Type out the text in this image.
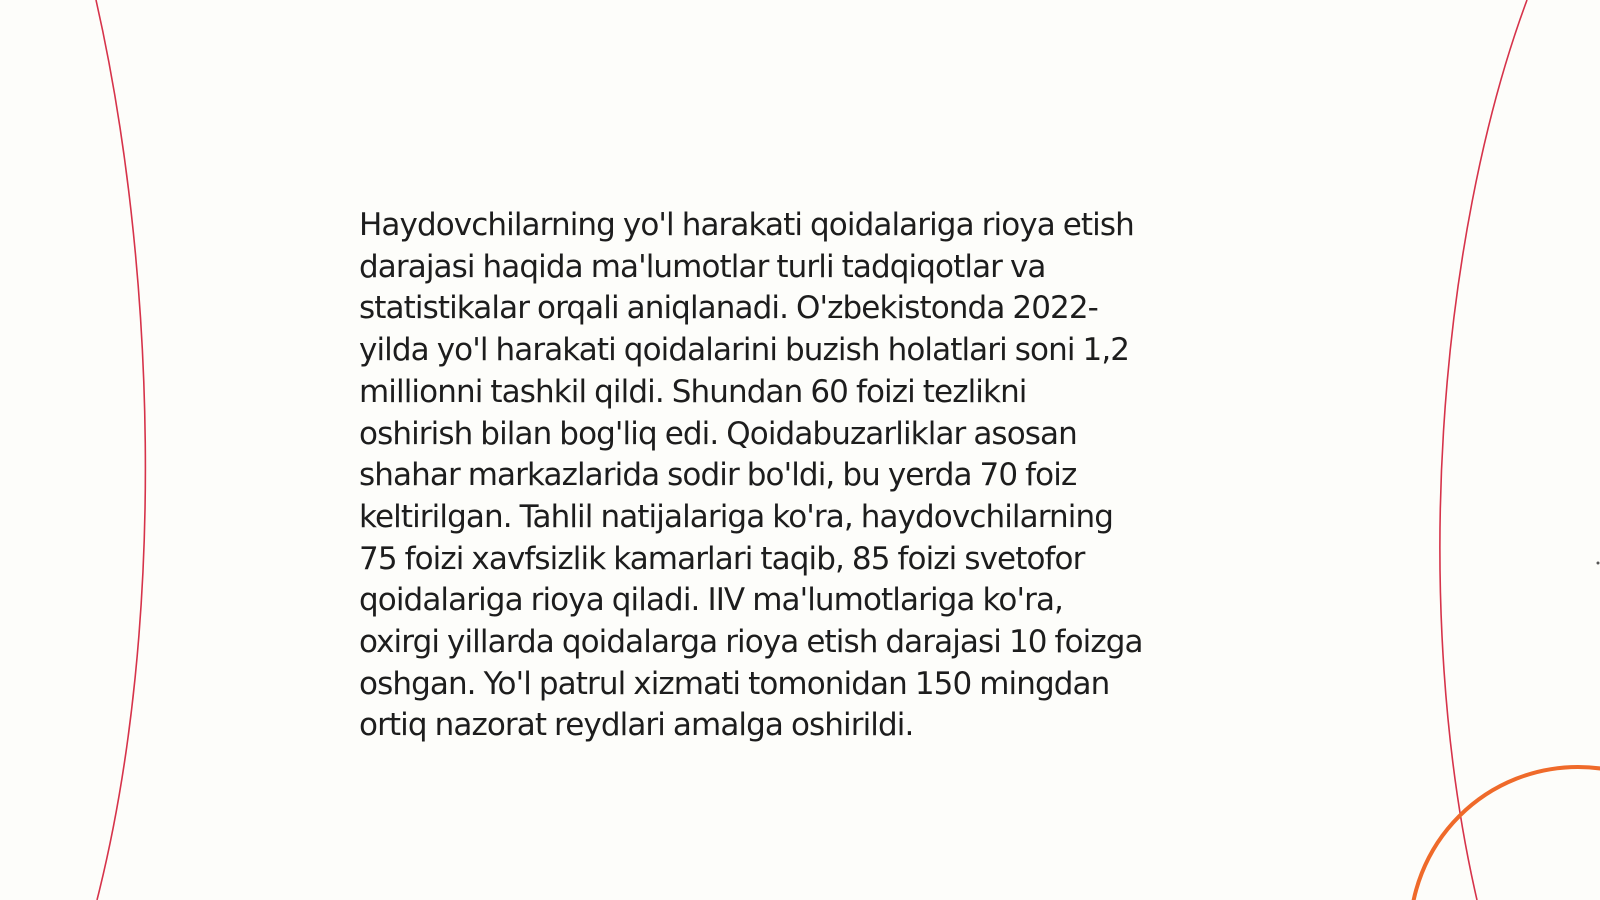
Haydovchilarning yo'l harakati qoidalariga rioya etish
darajasi haqida ma'lumotlar turli tadqiqotlar va
statistikalar orqali aniqlanadi. O'zbekistonda 2022-
yilda yo'l harakati qoidalarini buzish holatlari soni 1,2
millionni tashkil qildi. Shundan 60 foizi tezlikni
oshirish bilan bog'liq edi. Qoidabuzarliklar asosan
shahar markazlarida sodir bo'ldi, bu yerda 70 foiz
keltirilgan. Tahlil natijalariga ko'ra, haydovchilarning
75 foizi xavfsizlik kamarlari taqib, 85 foizi svetofor
qoidalariga rioya qiladi. IIV ma'lumotlariga ko'ra,
oxirgi yillarda qoidalarga rioya etish darajasi 10 foizga
oshgan. Yo'l patrul xizmati tomonidan 150 mingdan
ortiq nazorat reydlari amalga oshirildi.
